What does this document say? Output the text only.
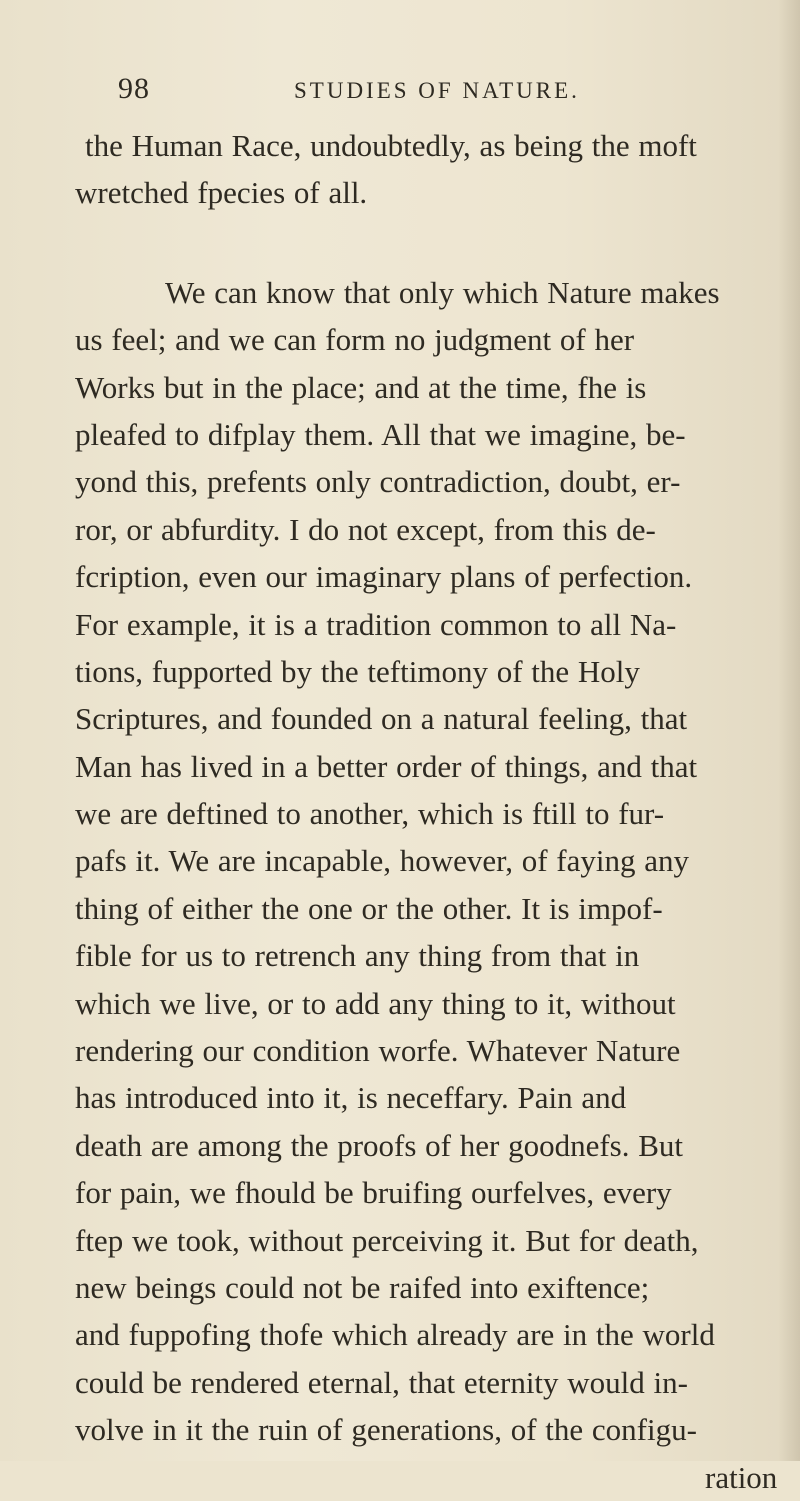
98	STUDIES OF NATURE.
the Human Race, undoubtedly, as being the moft
wretched fpecies of all.
We can know that only which Nature makes
us feel; and we can form no judgment of her
Works but in the place; and at the time, fhe is
pleafed to difplay them. All that we imagine, be-
yond this, prefents only contradiction, doubt, er-
ror, or abfurdity. I do not except, from this de-
fcription, even our imaginary plans of perfection.
For example, it is a tradition common to all Na-
tions, fupported by the teftimony of the Holy
Scriptures, and founded on a natural feeling, that
Man has lived in a better order of things, and that
we are deftined to another, which is ftill to fur-
pafs it. We are incapable, however, of faying any
thing of either the one or the other. It is impof-
fible for us to retrench any thing from that in
which we live, or to add any thing to it, without
rendering our condition worfe. Whatever Nature
has introduced into it, is neceffary. Pain and
death are among the proofs of her goodnefs. But
for pain, we fhould be bruifing ourfelves, every
ftep we took, without perceiving it. But for death,
new beings could not be raifed into exiftence;
and fuppofing thofe which already are in the world
could be rendered eternal, that eternity would in-
volve in it the ruin of generations, of the configu-
ration
